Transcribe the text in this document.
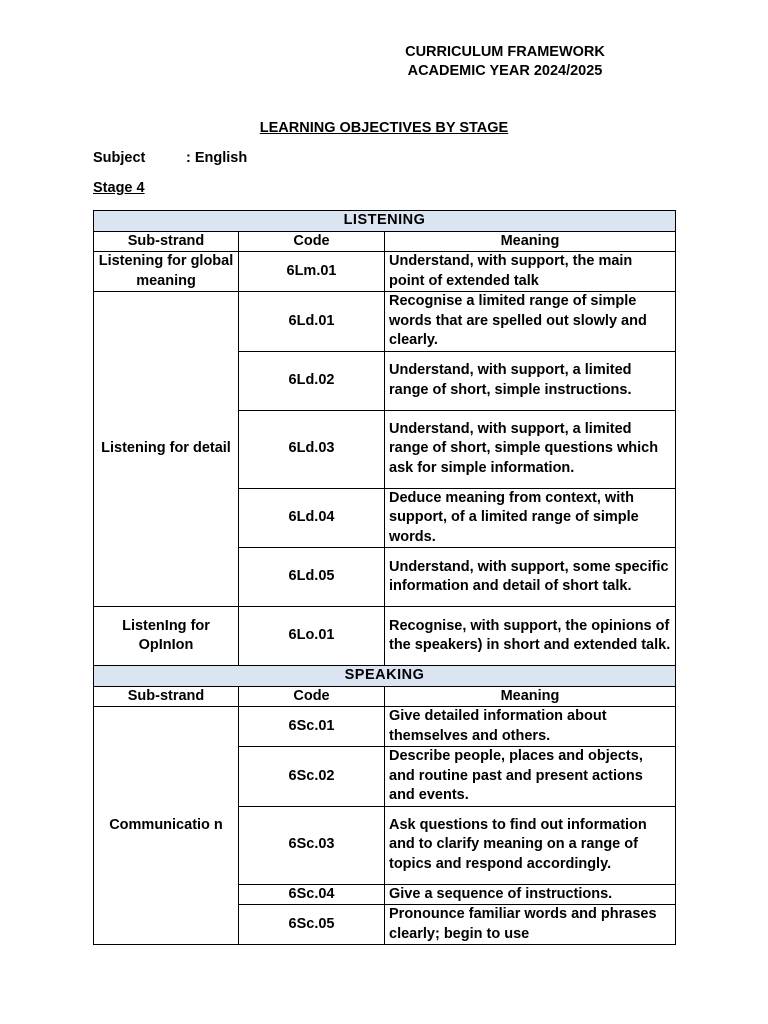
CURRICULUM FRAMEWORK
ACADEMIC YEAR 2024/2025
LEARNING OBJECTIVES BY STAGE
Subject	: English
Stage 4
LISTENING		
Sub-strand	Code	Meaning
Listening for global meaning	6Lm.01	Understand, with support, the main point of extended talk
Listening for detail	6Ld.01	Recognise a limited range of simple words that are spelled out slowly and clearly.
	6Ld.02	Understand, with support, a limited range of short, simple instructions.
	6Ld.03	Understand, with support, a limited range of short, simple questions which ask for simple information.
	6Ld.04	Deduce meaning from context, with support, of a limited range of simple words.
	6Ld.05	Understand, with support, some specific information and detail of short talk.
ListenIng for OpInIon	6Lo.01	Recognise, with support, the opinions of the speakers) in short and extended talk.
SPEAKING		
Sub-strand	Code	Meaning
Communicatio n	6Sc.01	Give detailed information about themselves and others.
	6Sc.02	Describe people, places and objects, and routine past and present actions and events.
	6Sc.03	Ask questions to find out information and to clarify meaning on a range of topics and respond accordingly.
	6Sc.04	Give a sequence of instructions.
	6Sc.05	Pronounce familiar words and phrases clearly; begin to use
